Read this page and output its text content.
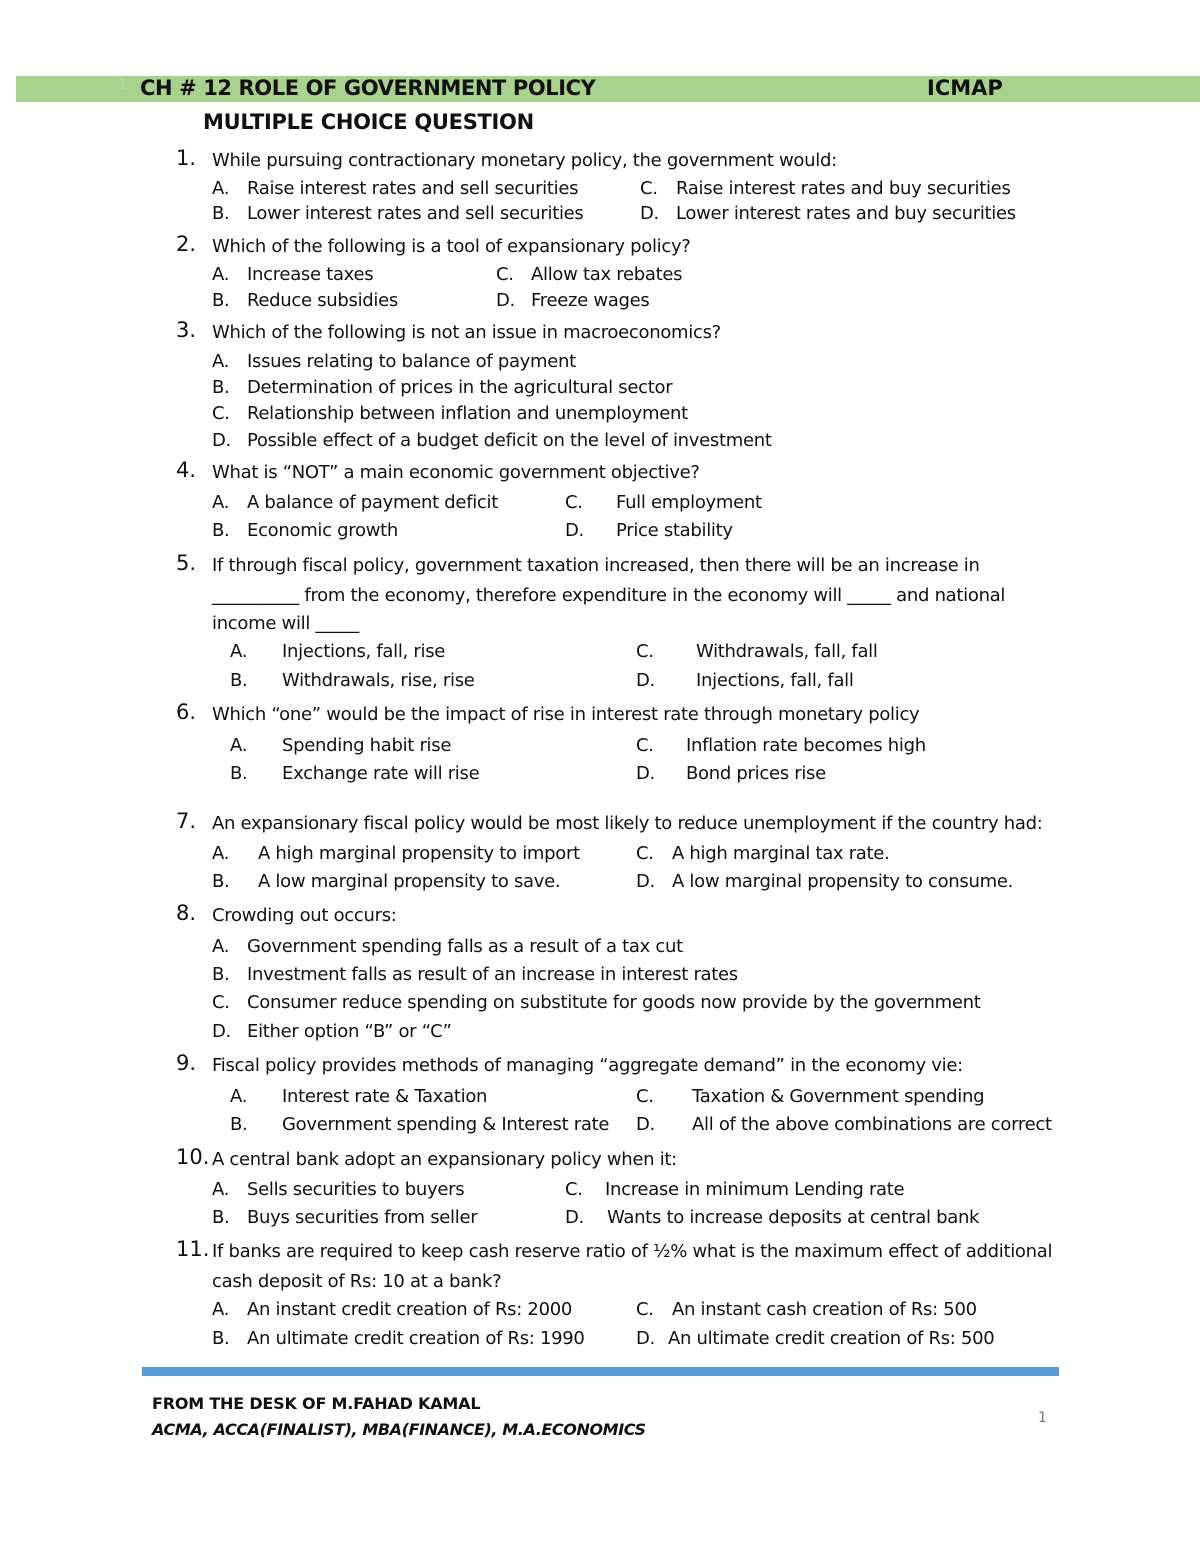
1 CH # 12 ROLE OF GOVERNMENT POLICY	ICMAP
MULTIPLE CHOICE QUESTION
1. While pursuing contractionary monetary policy, the government would:
A. Raise interest rates and sell securities	C. Raise interest rates and buy securities
B. Lower interest rates and sell securities	D. Lower interest rates and buy securities
2. Which of the following is a tool of expansionary policy?
A. Increase taxes	C. Allow tax rebates
B. Reduce subsidies	D. Freeze wages
3. Which of the following is not an issue in macroeconomics?
A. Issues relating to balance of payment
B. Determination of prices in the agricultural sector
C. Relationship between inflation and unemployment
D. Possible effect of a budget deficit on the level of investment
4. What is “NOT” a main economic government objective?
A. A balance of payment deficit	C. Full employment
B. Economic growth	D. Price stability
5. If through fiscal policy, government taxation increased, then there will be an increase in
__________ from the economy, therefore expenditure in the economy will _____ and national
income will _____
A. Injections, fall, rise	C. Withdrawals, fall, fall
B. Withdrawals, rise, rise	D. Injections, fall, fall
6. Which “one” would be the impact of rise in interest rate through monetary policy
A. Spending habit rise	C. Inflation rate becomes high
B. Exchange rate will rise	D. Bond prices rise
7. An expansionary fiscal policy would be most likely to reduce unemployment if the country had:
A. A high marginal propensity to import	C. A high marginal tax rate.
B. A low marginal propensity to save.	D. A low marginal propensity to consume.
8. Crowding out occurs:
A. Government spending falls as a result of a tax cut
B. Investment falls as result of an increase in interest rates
C. Consumer reduce spending on substitute for goods now provide by the government
D. Either option “B” or “C”
9. Fiscal policy provides methods of managing “aggregate demand” in the economy vie:
A. Interest rate & Taxation	C. Taxation & Government spending
B. Government spending & Interest rate D. All of the above combinations are correct
10. A central bank adopt an expansionary policy when it:
A. Sells securities to buyers	C. Increase in minimum Lending rate
B. Buys securities from seller	D. Wants to increase deposits at central bank
11. If banks are required to keep cash reserve ratio of ½% what is the maximum effect of additional
cash deposit of Rs: 10 at a bank?
A. An instant credit creation of Rs: 2000	C. An instant cash creation of Rs: 500
B. An ultimate credit creation of Rs: 1990	D. An ultimate credit creation of Rs: 500
FROM THE DESK OF M.FAHAD KAMAL
ACMA, ACCA(FINALIST), MBA(FINANCE), M.A.ECONOMICS
1
